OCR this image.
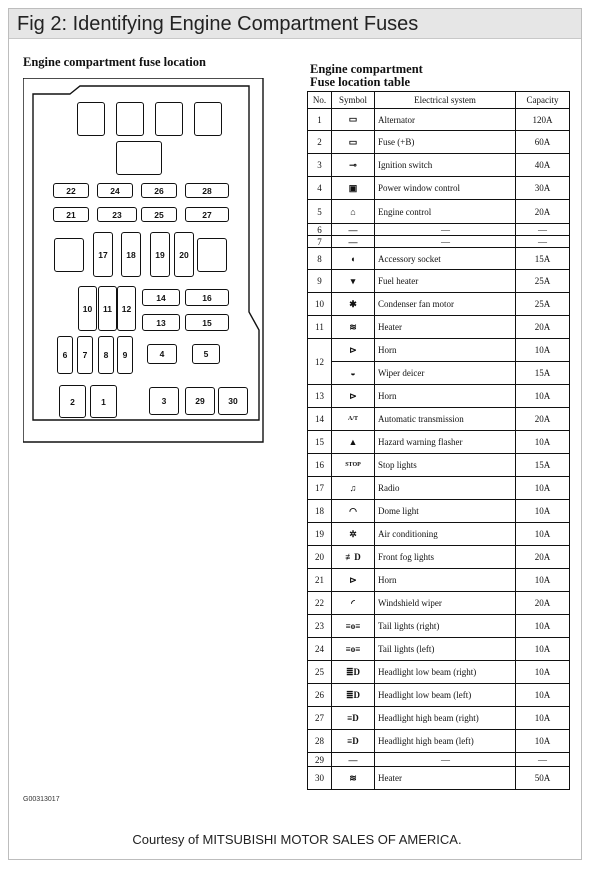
Fig 2: Identifying Engine Compartment Fuses
Engine compartment fuse location
22	24	26	28
21	23	25	27
17	18	19	20
10	11	12
14	16
13	15
6	7	8	9	4	5
2	1	3	29	30
Engine compartment
Fuse location table
No.	Symbol	Electrical system	Capacity
1	▭	Alternator	120A
2	▭	Fuse (+B)	60A
3	⊸	Ignition switch	40A
4	▣	Power window control	30A
5	⌂	Engine control	20A
6	—	—	—
7	—	—	—
8	◖	Accessory socket	15A
9	▾	Fuel heater	25A
10	✱	Condenser fan motor	25A
11	≋	Heater	20A
12	⊳	Horn	10A
	◒	Wiper deicer	15A
13	⊳	Horn	10A
14	A/T	Automatic transmission	20A
15	▲	Hazard warning flasher	10A
16	STOP	Stop lights	15A
17	♫	Radio	10A
18	◠	Dome light	10A
19	✲	Air conditioning	10A
20	≢D	Front fog lights	20A
21	⊳	Horn	10A
22	◜	Windshield wiper	20A
23	≡o≡	Tail lights (right)	10A
24	≡o≡	Tail lights (left)	10A
25	≣D	Headlight low beam (right)	10A
26	≣D	Headlight low beam (left)	10A
27	≡D	Headlight high beam (right)	10A
28	≡D	Headlight high beam (left)	10A
29	—	—	—
30	≋	Heater	50A
G00313017
Courtesy of MITSUBISHI MOTOR SALES OF AMERICA.
